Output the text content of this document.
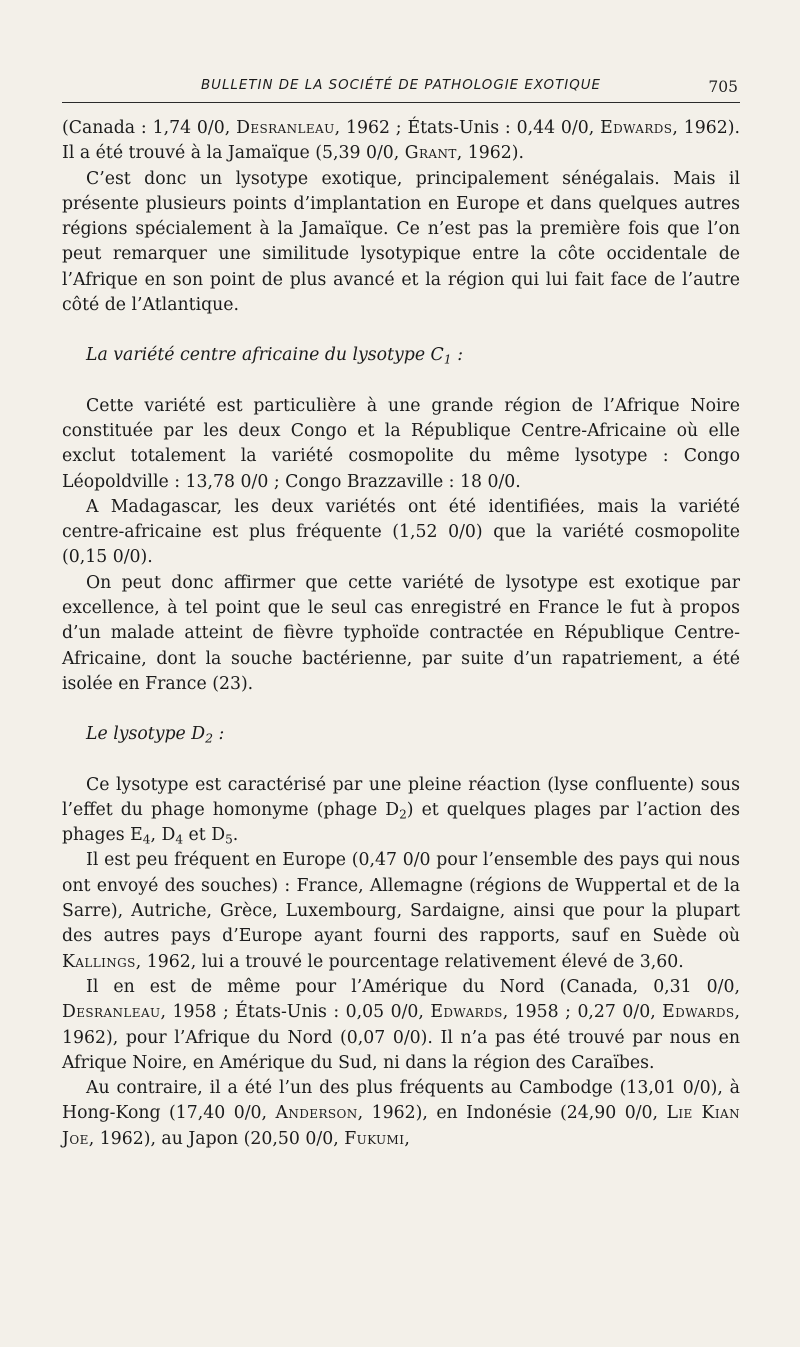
BULLETIN DE LA SOCIÉTÉ DE PATHOLOGIE EXOTIQUE	705

(Canada : 1,74 0/0, Desranleau, 1962 ; États-Unis : 0,44 0/0, Edwards, 1962). Il a été trouvé à la Jamaïque (5,39 0/0, Grant, 1962).

C’est donc un lysotype exotique, principalement sénégalais. Mais il présente plusieurs points d’implantation en Europe et dans quelques autres régions spécialement à la Jamaïque. Ce n’est pas la première fois que l’on peut remarquer une similitude lysotypique entre la côte occidentale de l’Afrique en son point de plus avancé et la région qui lui fait face de l’autre côté de l’Atlantique.

La variété centre africaine du lysotype $C_1$ :

Cette variété est particulière à une grande région de l’Afrique Noire constituée par les deux Congo et la République Centre-Africaine où elle exclut totalement la variété cosmopolite du même lysotype : Congo Léopoldville : 13,78 0/0 ; Congo Brazzaville : 18 0/0.

A Madagascar, les deux variétés ont été identifiées, mais la variété centre-africaine est plus fréquente (1,52 0/0) que la variété cosmopolite (0,15 0/0).

On peut donc affirmer que cette variété de lysotype est exotique par excellence, à tel point que le seul cas enregistré en France le fut à propos d’un malade atteint de fièvre typhoïde contractée en République Centre-Africaine, dont la souche bactérienne, par suite d’un rapatriement, a été isolée en France (23).

Le lysotype $D_2$ :

Ce lysotype est caractérisé par une pleine réaction (lyse confluente) sous l’effet du phage homonyme (phage $D_2$) et quelques plages par l’action des phages $E_4$, $D_4$ et $D_5$.

Il est peu fréquent en Europe (0,47 0/0 pour l’ensemble des pays qui nous ont envoyé des souches) : France, Allemagne (régions de Wuppertal et de la Sarre), Autriche, Grèce, Luxembourg, Sardaigne, ainsi que pour la plupart des autres pays d’Europe ayant fourni des rapports, sauf en Suède où Kallings, 1962, lui a trouvé le pourcentage relativement élevé de 3,60.

Il en est de même pour l’Amérique du Nord (Canada, 0,31 0/0, Desranleau, 1958 ; États-Unis : 0,05 0/0, Edwards, 1958 ; 0,27 0/0, Edwards, 1962), pour l’Afrique du Nord (0,07 0/0). Il n’a pas été trouvé par nous en Afrique Noire, en Amérique du Sud, ni dans la région des Caraïbes.

Au contraire, il a été l’un des plus fréquents au Cambodge (13,01 0/0), à Hong-Kong (17,40 0/0, Anderson, 1962), en Indonésie (24,90 0/0, Lie Kian Joe, 1962), au Japon (20,50 0/0, Fukumi,
